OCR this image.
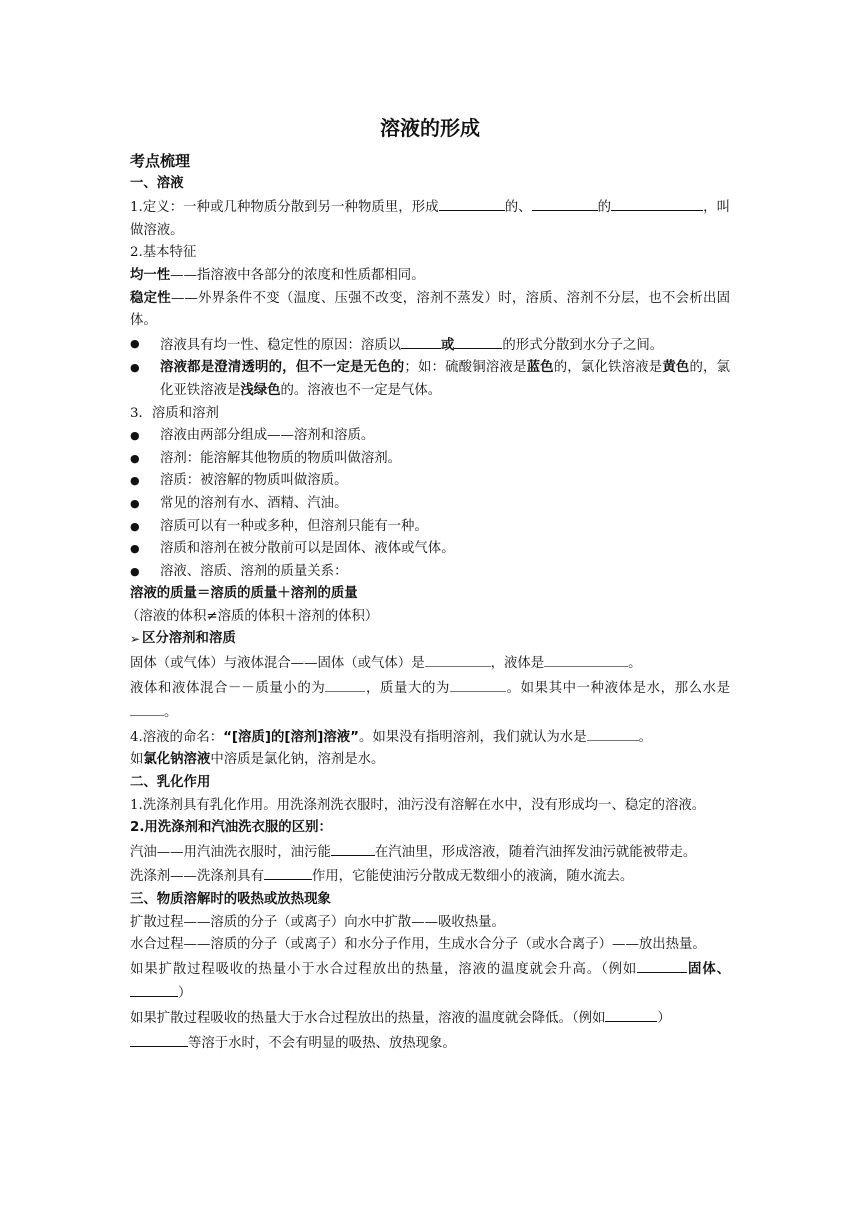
溶液的形成

考点梳理

一、溶液

1.定义：一种或几种物质分散到另一种物质里，形成	的、	的	，叫做溶液。

2.基本特征

均一性——指溶液中各部分的浓度和性质都相同。

稳定性——外界条件不变（温度、压强不改变，溶剂不蒸发）时，溶质、溶剂不分层，也不会析出固体。

● 溶液具有均一性、稳定性的原因：溶质以	或	的形式分散到水分子之间。

● 溶液都是澄清透明的，但不一定是无色的；如：硫酸铜溶液是蓝色的，氯化铁溶液是黄色的，氯化亚铁溶液是浅绿色的。溶液也不一定是气体。

3．溶质和溶剂

● 溶液由两部分组成——溶剂和溶质。

● 溶剂：能溶解其他物质的物质叫做溶剂。

● 溶质：被溶解的物质叫做溶质。

● 常见的溶剂有水、酒精、汽油。

● 溶质可以有一种或多种，但溶剂只能有一种。

● 溶质和溶剂在被分散前可以是固体、液体或气体。

● 溶液、溶质、溶剂的质量关系：

溶液的质量＝溶质的质量＋溶剂的质量

（溶液的体积≠溶质的体积＋溶剂的体积）

➢ 区分溶剂和溶质

固体（或气体）与液体混合——固体（或气体）是	，液体是	。

液体和液体混合－－质量小的为	，质量大的为	。如果其中一种液体是水，那么水是。

4.溶液的命名：“[溶质]的[溶剂]溶液”。如果没有指明溶剂，我们就认为水是	。

如氯化钠溶液中溶质是氯化钠，溶剂是水。

二、乳化作用

1.洗涤剂具有乳化作用。用洗涤剂洗衣服时，油污没有溶解在水中，没有形成均一、稳定的溶液。

2.用洗涤剂和汽油洗衣服的区别：

汽油——用汽油洗衣服时，油污能	在汽油里，形成溶液，随着汽油挥发油污就能被带走。

洗涤剂——洗涤剂具有	作用，它能使油污分散成无数细小的液滴，随水流去。

三、物质溶解时的吸热或放热现象

扩散过程——溶质的分子（或离子）向水中扩散——吸收热量。

水合过程——溶质的分子（或离子）和水分子作用，生成水合分子（或水合离子）——放出热量。

如果扩散过程吸收的热量小于水合过程放出的热量，溶液的温度就会升高。（例如	固体、）

如果扩散过程吸收的热量大于水合过程放出的热量，溶液的温度就会降低。（例如	）
等溶于水时，不会有明显的吸热、放热现象。
